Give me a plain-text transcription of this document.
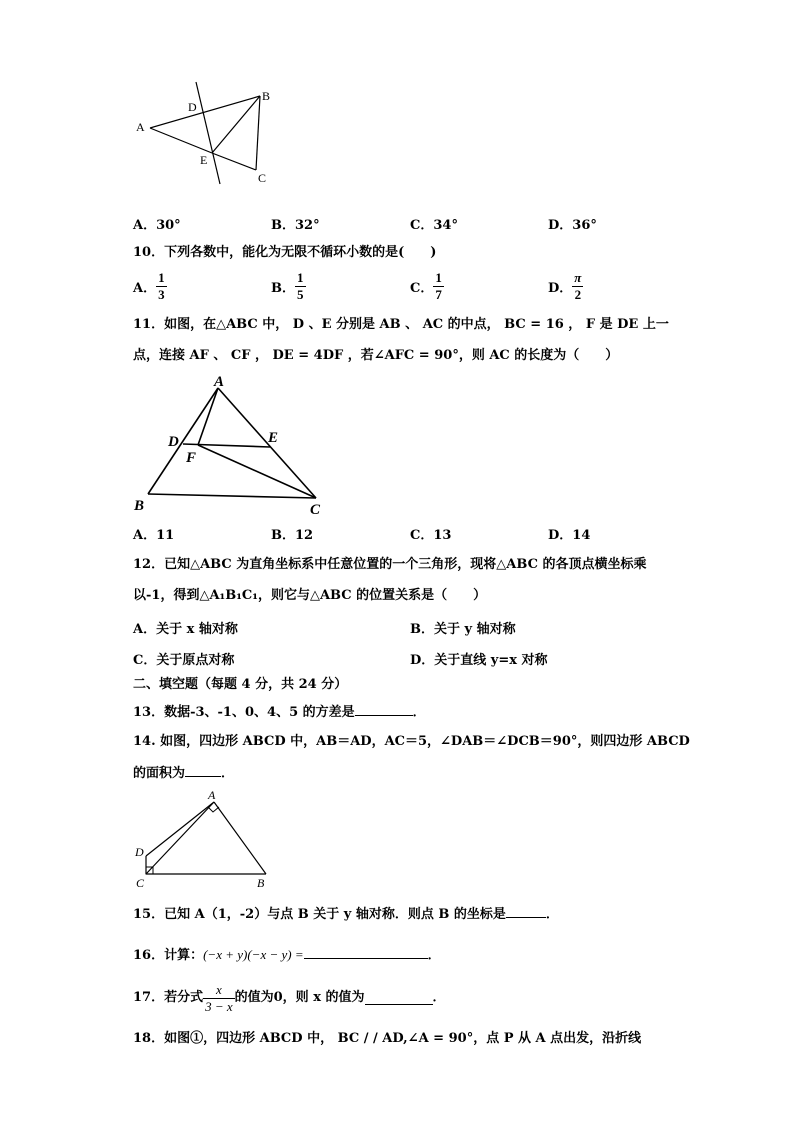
A
B
C
D
E
A．30°	B．32°	C．34°	D．36°
10．下列各数中，能化为无限不循环小数的是(　　)
A． $\frac{1}{3}$	B． $\frac{1}{5}$	C． $\frac{1}{7}$	D． $\frac{\pi}{2}$
11．如图，在△ABC 中， D 、E 分别是 AB 、 AC 的中点， BC = 16 ， F 是 DE 上一
点，连接 AF 、 CF ， DE = 4DF ，若∠AFC = 90°，则 AC 的长度为（　　）
A
B	C
D	E
F
A．11	B．12	C．13	D．14
12．已知△ABC 为直角坐标系中任意位置的一个三角形，现将△ABC 的各顶点横坐标乘
以-1，得到△A₁B₁C₁，则它与△ABC 的位置关系是（　　）
A．关于 x 轴对称	B．关于 y 轴对称
C．关于原点对称	D．关于直线 y=x 对称
二、填空题（每题 4 分，共 24 分）
13．数据-3、-1、0、4、5 的方差是	．
14. 如图，四边形 ABCD 中，AB＝AD，AC＝5，∠DAB＝∠DCB＝90°，则四边形 ABCD
的面积为	．
A
B
C
D
15．已知 A（1，-2）与点 B 关于 y 轴对称．则点 B 的坐标是	．
16．计算：(−x + y)(−x − y) =	．
17．若分式 $\frac{x}{3 - x}$ 的值为0，则 x 的值为	．
18．如图①，四边形 ABCD 中， BC / / AD,∠A = 90°，点 P 从 A 点出发，沿折线
